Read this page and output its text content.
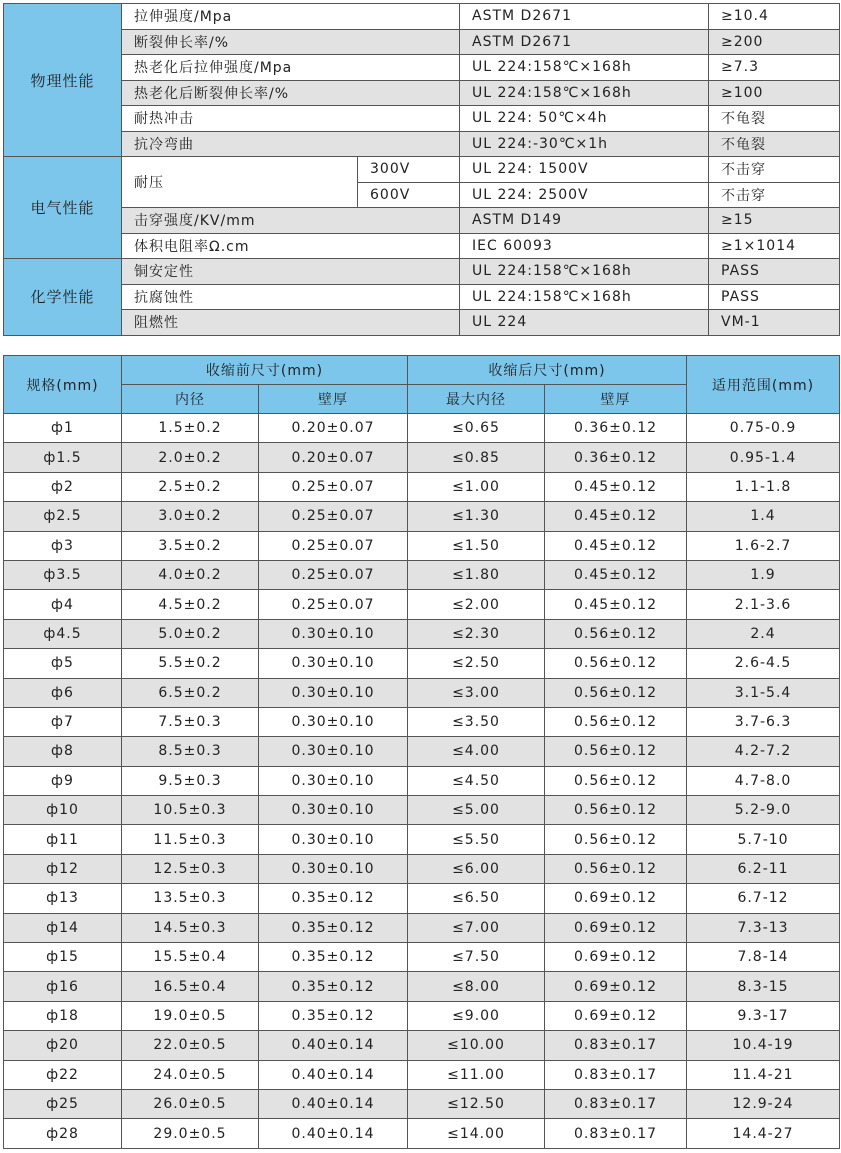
物理性能	拉伸强度/Mpa		ASTM D2671	≥10.4
	断裂伸长率/%		ASTM D2671	≥200
	热老化后拉伸强度/Mpa		UL 224:158℃×168h	≥7.3
	热老化后断裂伸长率/%		UL 224:158℃×168h	≥100
	耐热冲击		UL 224: 50℃×4h	不龟裂
	抗冷弯曲		UL 224:-30℃×1h	不龟裂
电气性能	耐压	300V	UL 224: 1500V	不击穿
		600V	UL 224: 2500V	不击穿
	击穿强度/KV/mm		ASTM D149	≥15
	体积电阻率Ω.cm		IEC 60093	≥1×1014
化学性能	铜安定性		UL 224:158℃×168h	PASS
	抗腐蚀性		UL 224:158℃×168h	PASS
	阻燃性		UL 224	VM-1
规格(mm)	收缩前尺寸(mm)		收缩后尺寸(mm)		适用范围(mm)
	内径	壁厚	最大内径	壁厚	
ф1	1.5±0.2	0.20±0.07	≤0.65	0.36±0.12	0.75-0.9
ф1.5	2.0±0.2	0.20±0.07	≤0.85	0.36±0.12	0.95-1.4
ф2	2.5±0.2	0.25±0.07	≤1.00	0.45±0.12	1.1-1.8
ф2.5	3.0±0.2	0.25±0.07	≤1.30	0.45±0.12	1.4
ф3	3.5±0.2	0.25±0.07	≤1.50	0.45±0.12	1.6-2.7
ф3.5	4.0±0.2	0.25±0.07	≤1.80	0.45±0.12	1.9
ф4	4.5±0.2	0.25±0.07	≤2.00	0.45±0.12	2.1-3.6
ф4.5	5.0±0.2	0.30±0.10	≤2.30	0.56±0.12	2.4
ф5	5.5±0.2	0.30±0.10	≤2.50	0.56±0.12	2.6-4.5
ф6	6.5±0.2	0.30±0.10	≤3.00	0.56±0.12	3.1-5.4
ф7	7.5±0.3	0.30±0.10	≤3.50	0.56±0.12	3.7-6.3
ф8	8.5±0.3	0.30±0.10	≤4.00	0.56±0.12	4.2-7.2
ф9	9.5±0.3	0.30±0.10	≤4.50	0.56±0.12	4.7-8.0
ф10	10.5±0.3	0.30±0.10	≤5.00	0.56±0.12	5.2-9.0
ф11	11.5±0.3	0.30±0.10	≤5.50	0.56±0.12	5.7-10
ф12	12.5±0.3	0.30±0.10	≤6.00	0.56±0.12	6.2-11
ф13	13.5±0.3	0.35±0.12	≤6.50	0.69±0.12	6.7-12
ф14	14.5±0.3	0.35±0.12	≤7.00	0.69±0.12	7.3-13
ф15	15.5±0.4	0.35±0.12	≤7.50	0.69±0.12	7.8-14
ф16	16.5±0.4	0.35±0.12	≤8.00	0.69±0.12	8.3-15
ф18	19.0±0.5	0.35±0.12	≤9.00	0.69±0.12	9.3-17
ф20	22.0±0.5	0.40±0.14	≤10.00	0.83±0.17	10.4-19
ф22	24.0±0.5	0.40±0.14	≤11.00	0.83±0.17	11.4-21
ф25	26.0±0.5	0.40±0.14	≤12.50	0.83±0.17	12.9-24
ф28	29.0±0.5	0.40±0.14	≤14.00	0.83±0.17	14.4-27
